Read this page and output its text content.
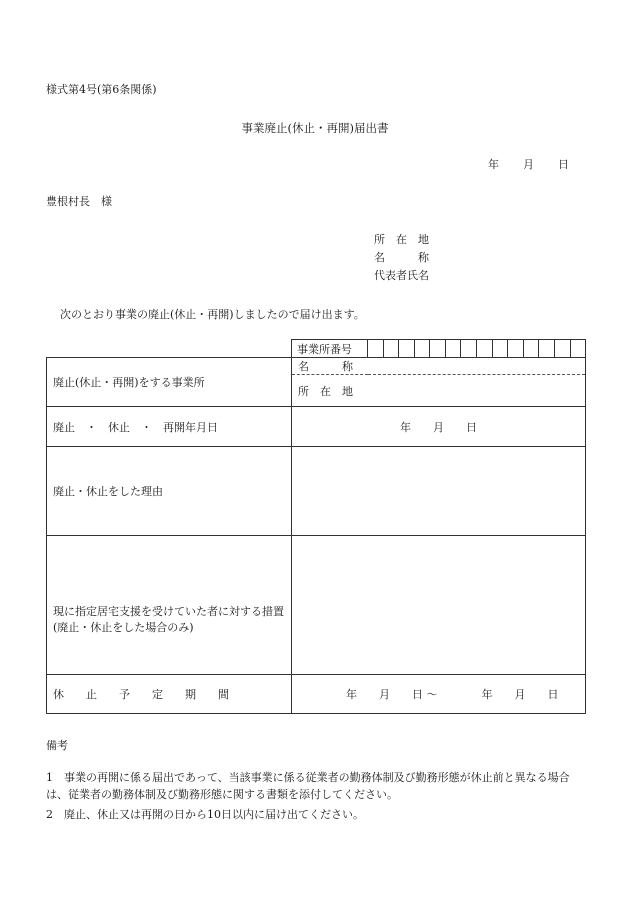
様式第4号(第6条関係)
事業廃止(休止・再開)届出書
年 月 日
豊根村長　様
所　在　地
名　　　称
代表者氏名
次のとおり事業の廃止(休止・再開)しましたので届け出ます。
	事業所番号	

廃止(休止・再開)をする事業所	名　　　称	
	所　在　地	
廃止　・　休止　・　再開年月日	年　　月　　日	
廃止・休止をした理由		

現に指定居宅支援を受けていた者に対する措置
(廃止・休止をした場合のみ)		

休　　止　　予　　定　　期　　間	年　　月　　日 ～　　　　年　　月　　日	
備考
1　事業の再開に係る届出であって、当該事業に係る従業者の勤務体制及び勤務形態が休止前と異なる場合は、従業者の勤務体制及び勤務形態に関する書類を添付してください。
2　廃止、休止又は再開の日から10日以内に届け出てください。
